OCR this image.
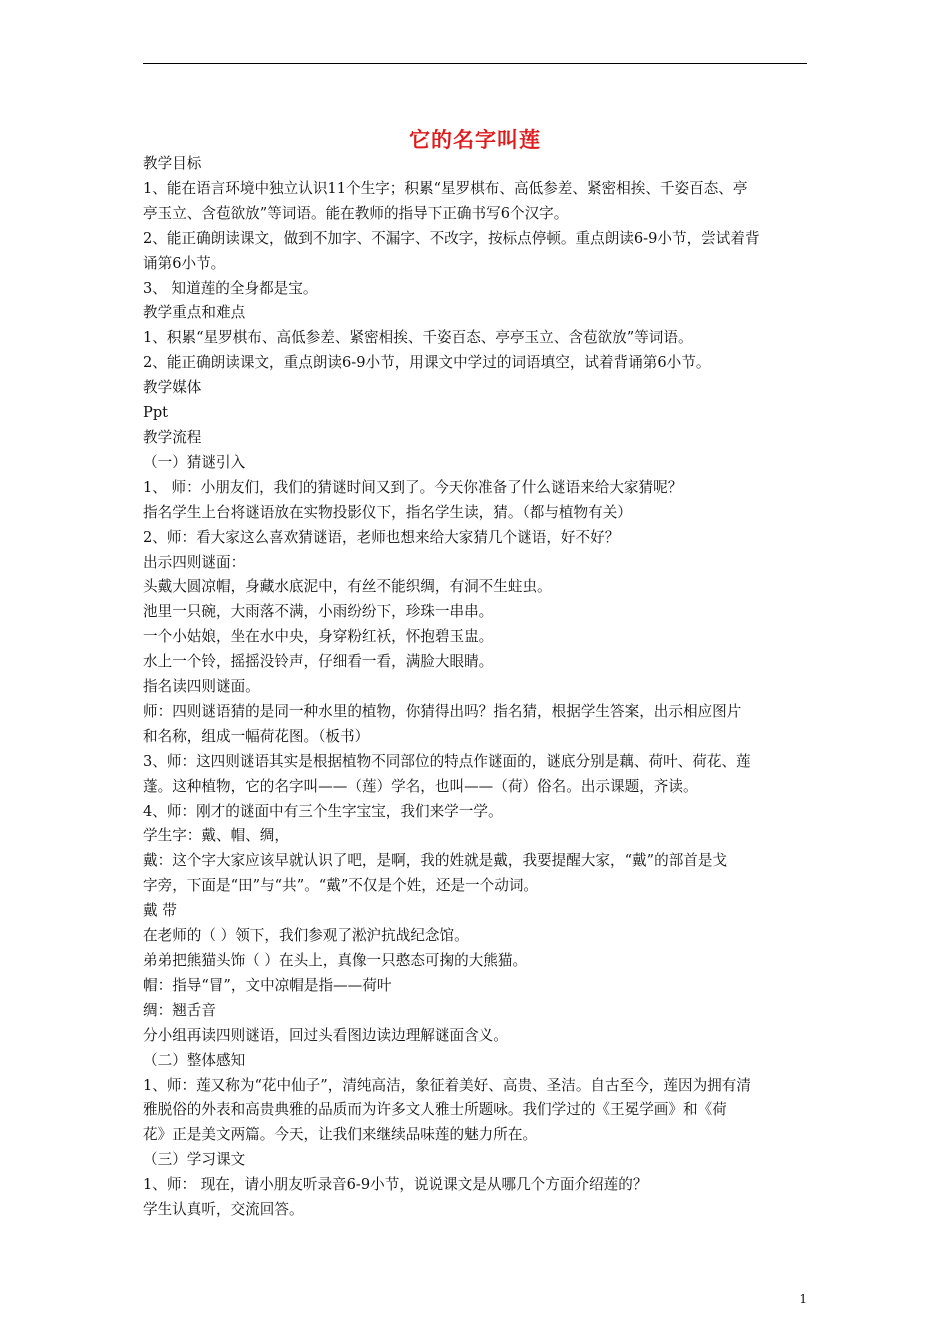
它的名字叫莲

教学目标

1、能在语言环境中独立认识11个生字；积累“星罗棋布、高低参差、紧密相挨、千姿百态、亭

亭玉立、含苞欲放”等词语。能在教师的指导下正确书写6个汉字。

2、能正确朗读课文，做到不加字、不漏字、不改字，按标点停顿。重点朗读6-9小节，尝试着背

诵第6小节。

3、 知道莲的全身都是宝。

教学重点和难点

1、积累“星罗棋布、高低参差、紧密相挨、千姿百态、亭亭玉立、含苞欲放”等词语。

2、能正确朗读课文，重点朗读6-9小节，用课文中学过的词语填空，试着背诵第6小节。

教学媒体

Ppt

教学流程

（一）猜谜引入

1、 师：小朋友们，我们的猜谜时间又到了。今天你准备了什么谜语来给大家猜呢？

指名学生上台将谜语放在实物投影仪下，指名学生读，猜。（都与植物有关）

2、师：看大家这么喜欢猜谜语，老师也想来给大家猜几个谜语，好不好？

出示四则谜面：

头戴大圆凉帽，身藏水底泥中，有丝不能织绸，有洞不生蛀虫。

池里一只碗，大雨落不满，小雨纷纷下，珍珠一串串。

一个小姑娘，坐在水中央，身穿粉红袄，怀抱碧玉盅。

水上一个铃，摇摇没铃声，仔细看一看，满脸大眼睛。

指名读四则谜面。

师：四则谜语猜的是同一种水里的植物，你猜得出吗？指名猜，根据学生答案，出示相应图片

和名称，组成一幅荷花图。（板书）

3、师：这四则谜语其实是根据植物不同部位的特点作谜面的，谜底分别是藕、荷叶、荷花、莲

蓬。这种植物，它的名字叫——（莲）学名，也叫——（荷）俗名。出示课题，齐读。

4、师：刚才的谜面中有三个生字宝宝，我们来学一学。

学生字：戴、帽、绸，

戴：这个字大家应该早就认识了吧，是啊，我的姓就是戴，我要提醒大家，“戴”的部首是戈

字旁，下面是“田”与“共”。“戴”不仅是个姓，还是一个动词。

戴 带

在老师的（ ）领下，我们参观了淞沪抗战纪念馆。

弟弟把熊猫头饰（ ）在头上，真像一只憨态可掬的大熊猫。

帽：指导“冒”，文中凉帽是指——荷叶

绸：翘舌音

分小组再读四则谜语，回过头看图边读边理解谜面含义。

（二）整体感知

1、师：莲又称为“花中仙子”，清纯高洁，象征着美好、高贵、圣洁。自古至今，莲因为拥有清

雅脱俗的外表和高贵典雅的品质而为许多文人雅士所题咏。我们学过的《王冕学画》和《荷

花》正是美文两篇。今天，让我们来继续品味莲的魅力所在。

（三）学习课文

1、师： 现在，请小朋友听录音6-9小节，说说课文是从哪几个方面介绍莲的？

学生认真听，交流回答。

1
